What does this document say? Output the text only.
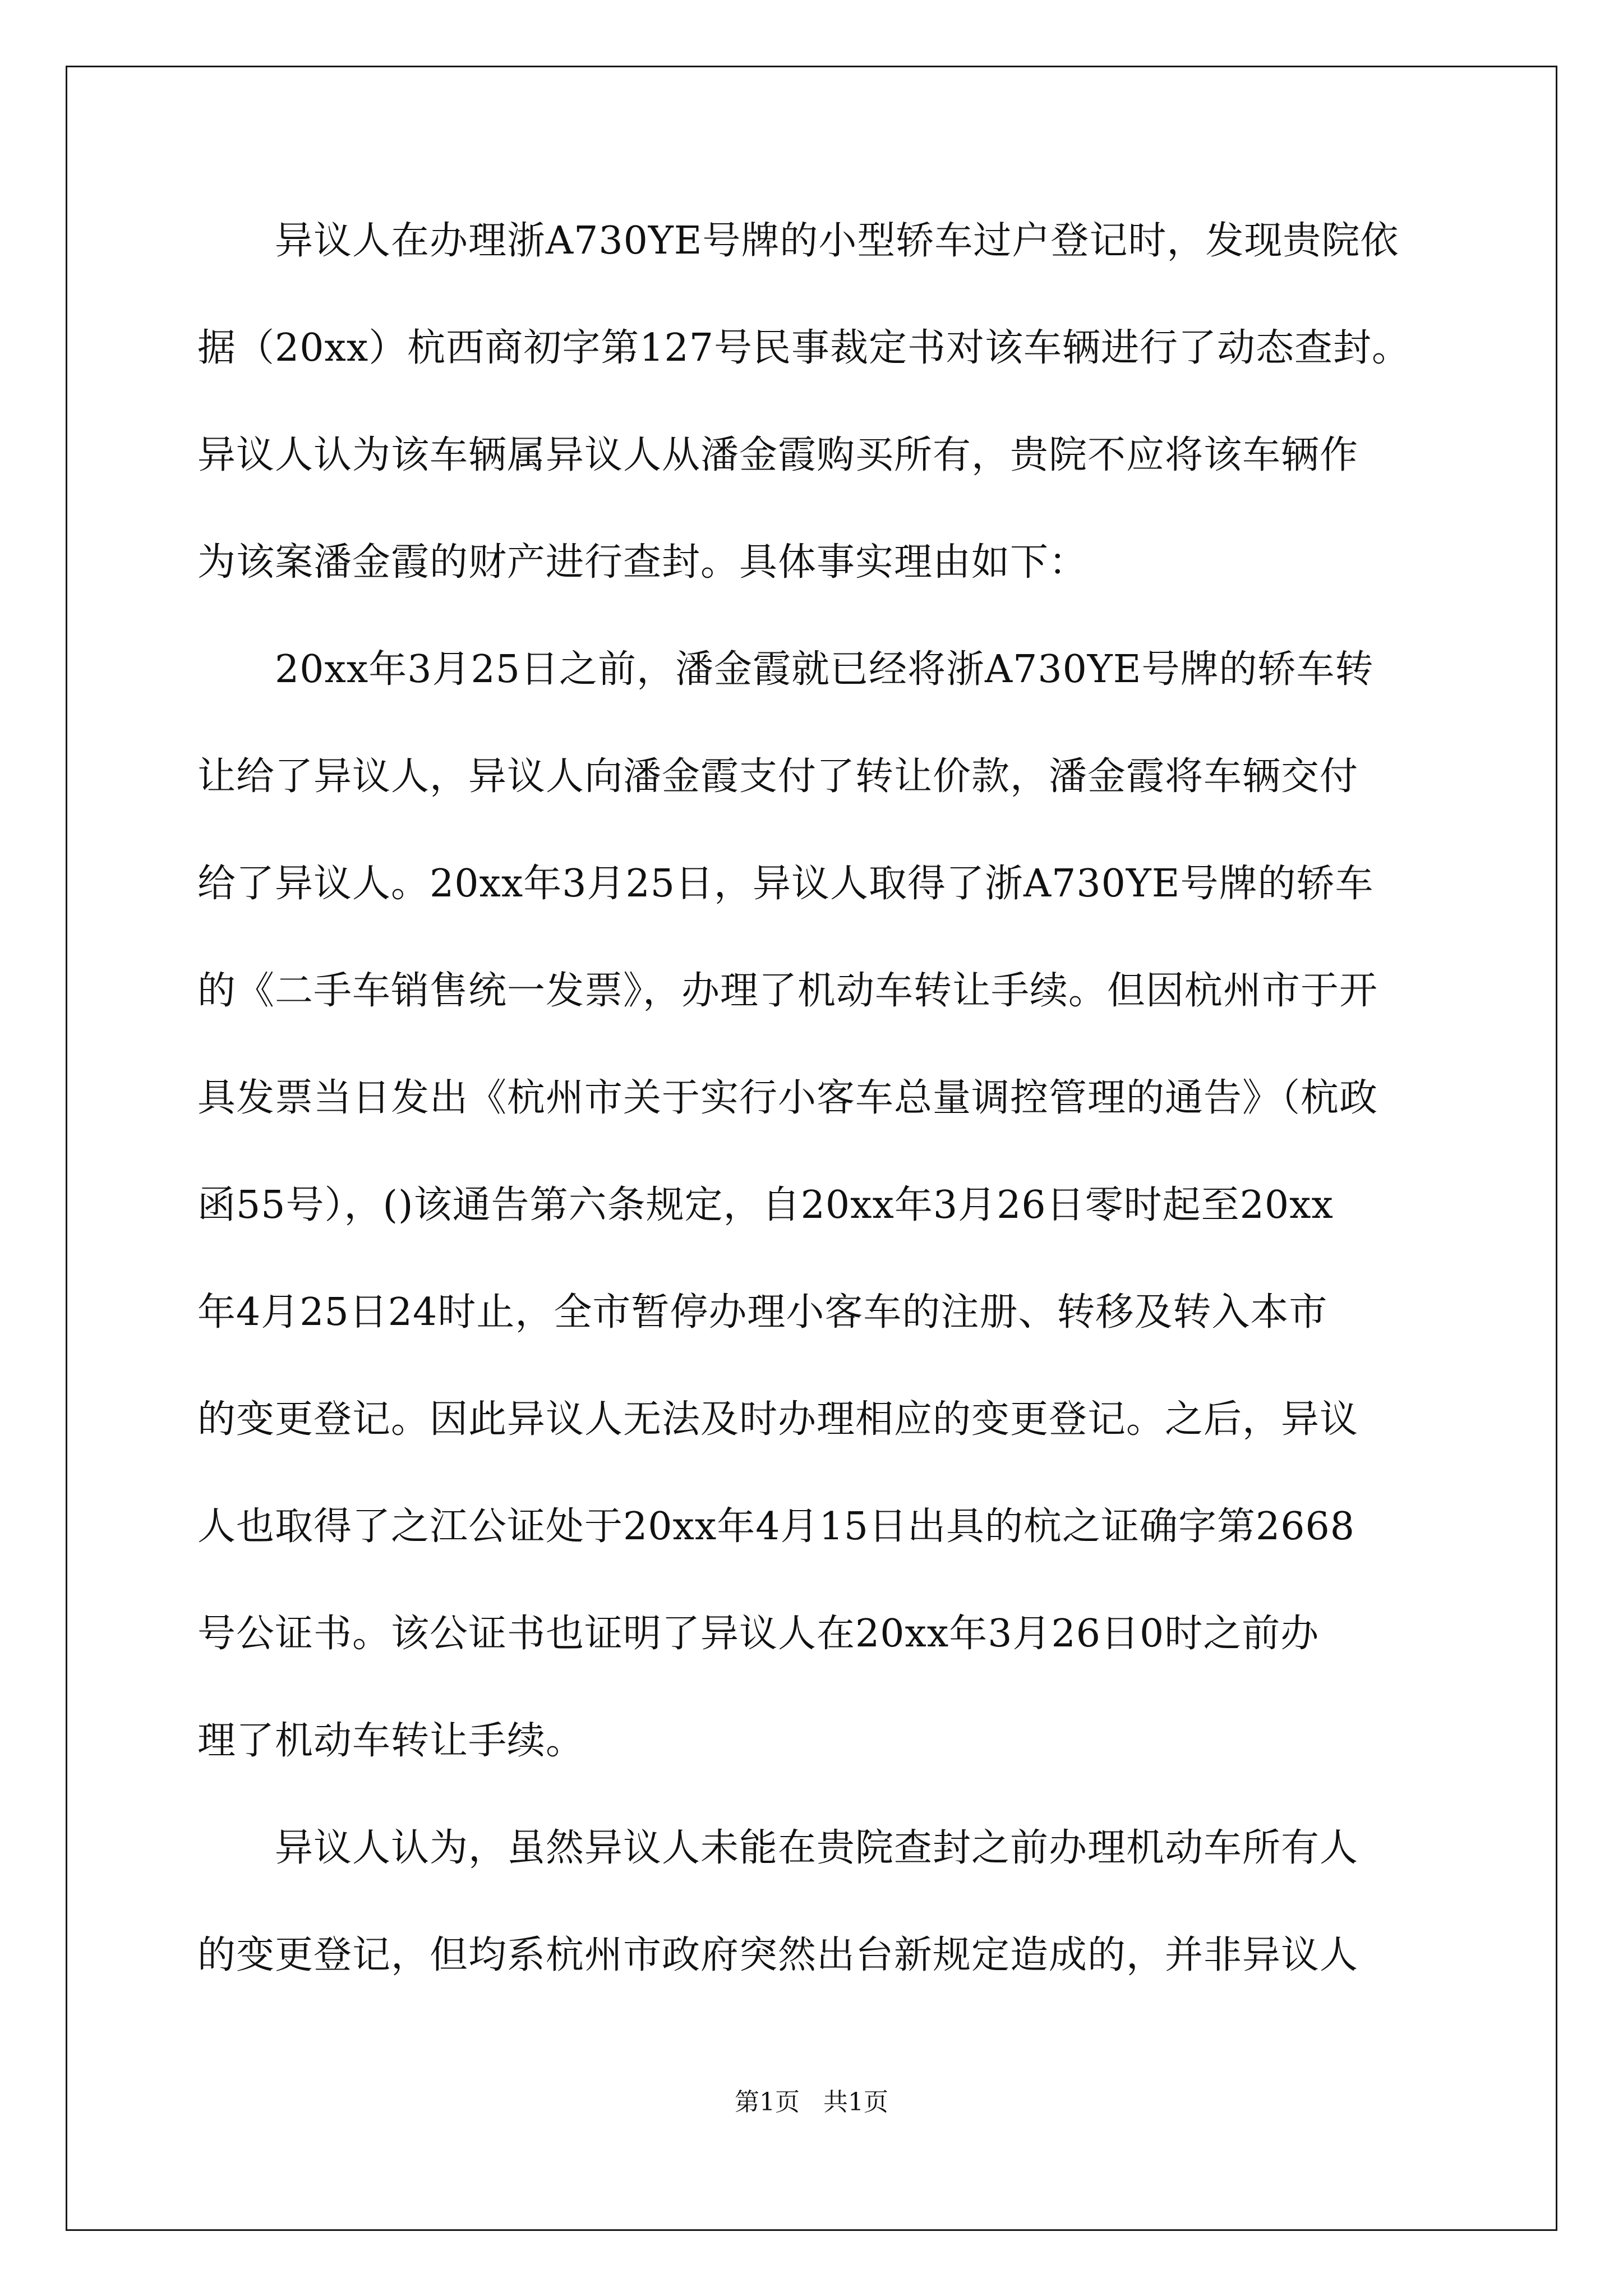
　　异议人在办理浙A730YE号牌的小型轿车过户登记时，发现贵院依
据（20xx）杭西商初字第127号民事裁定书对该车辆进行了动态查封。
异议人认为该车辆属异议人从潘金霞购买所有，贵院不应将该车辆作
为该案潘金霞的财产进行查封。具体事实理由如下：
　　20xx年3月25日之前，潘金霞就已经将浙A730YE号牌的轿车转
让给了异议人，异议人向潘金霞支付了转让价款，潘金霞将车辆交付
给了异议人。20xx年3月25日，异议人取得了浙A730YE号牌的轿车
的《二手车销售统一发票》，办理了机动车转让手续。但因杭州市于开
具发票当日发出《杭州市关于实行小客车总量调控管理的通告》（杭政
函55号），()该通告第六条规定，自20xx年3月26日零时起至20xx
年4月25日24时止，全市暂停办理小客车的注册、转移及转入本市
的变更登记。因此异议人无法及时办理相应的变更登记。之后，异议
人也取得了之江公证处于20xx年4月15日出具的杭之证确字第2668
号公证书。该公证书也证明了异议人在20xx年3月26日0时之前办
理了机动车转让手续。
　　异议人认为，虽然异议人未能在贵院查封之前办理机动车所有人
的变更登记，但均系杭州市政府突然出台新规定造成的，并非异议人
第1页 共1页
